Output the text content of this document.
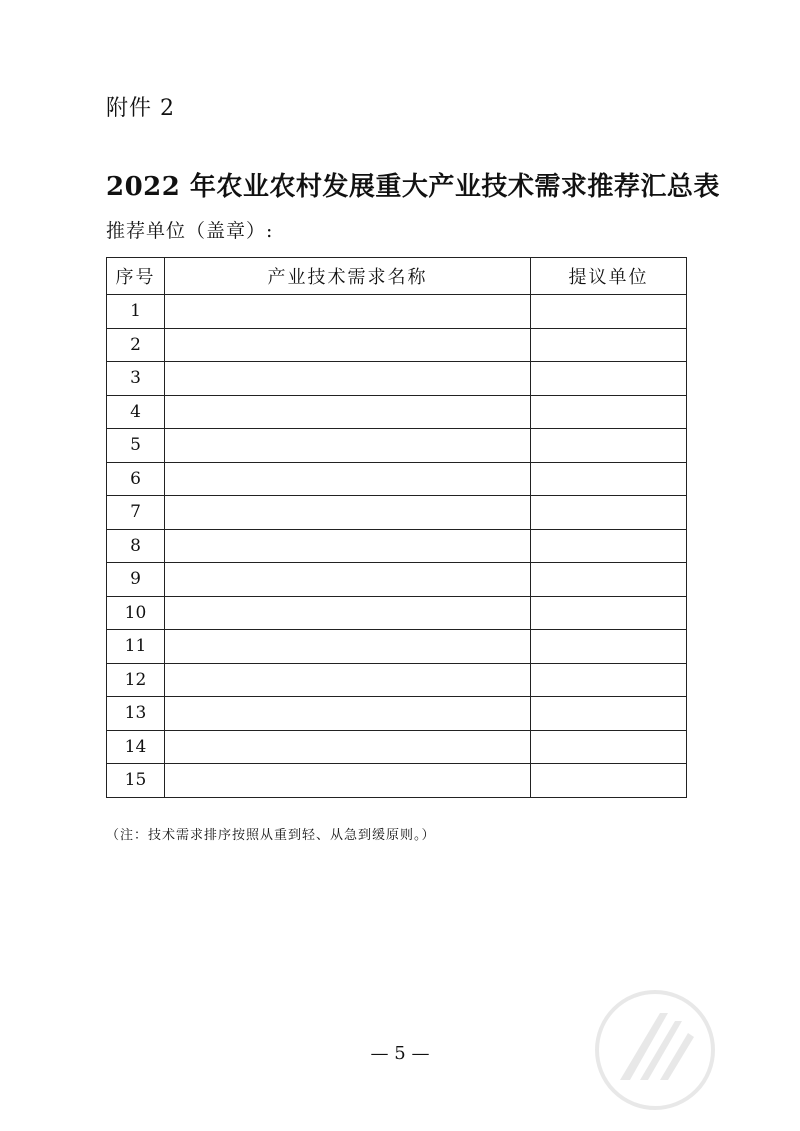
附件 2
2022 年农业农村发展重大产业技术需求推荐汇总表
推荐单位（盖章）:
序号	产业技术需求名称	提议单位
1		
2		
3		
4		
5		
6		
7		
8		
9		
10		
11		
12		
13		
14		
15		
（注：技术需求排序按照从重到轻、从急到缓原则。）
— 5 —
